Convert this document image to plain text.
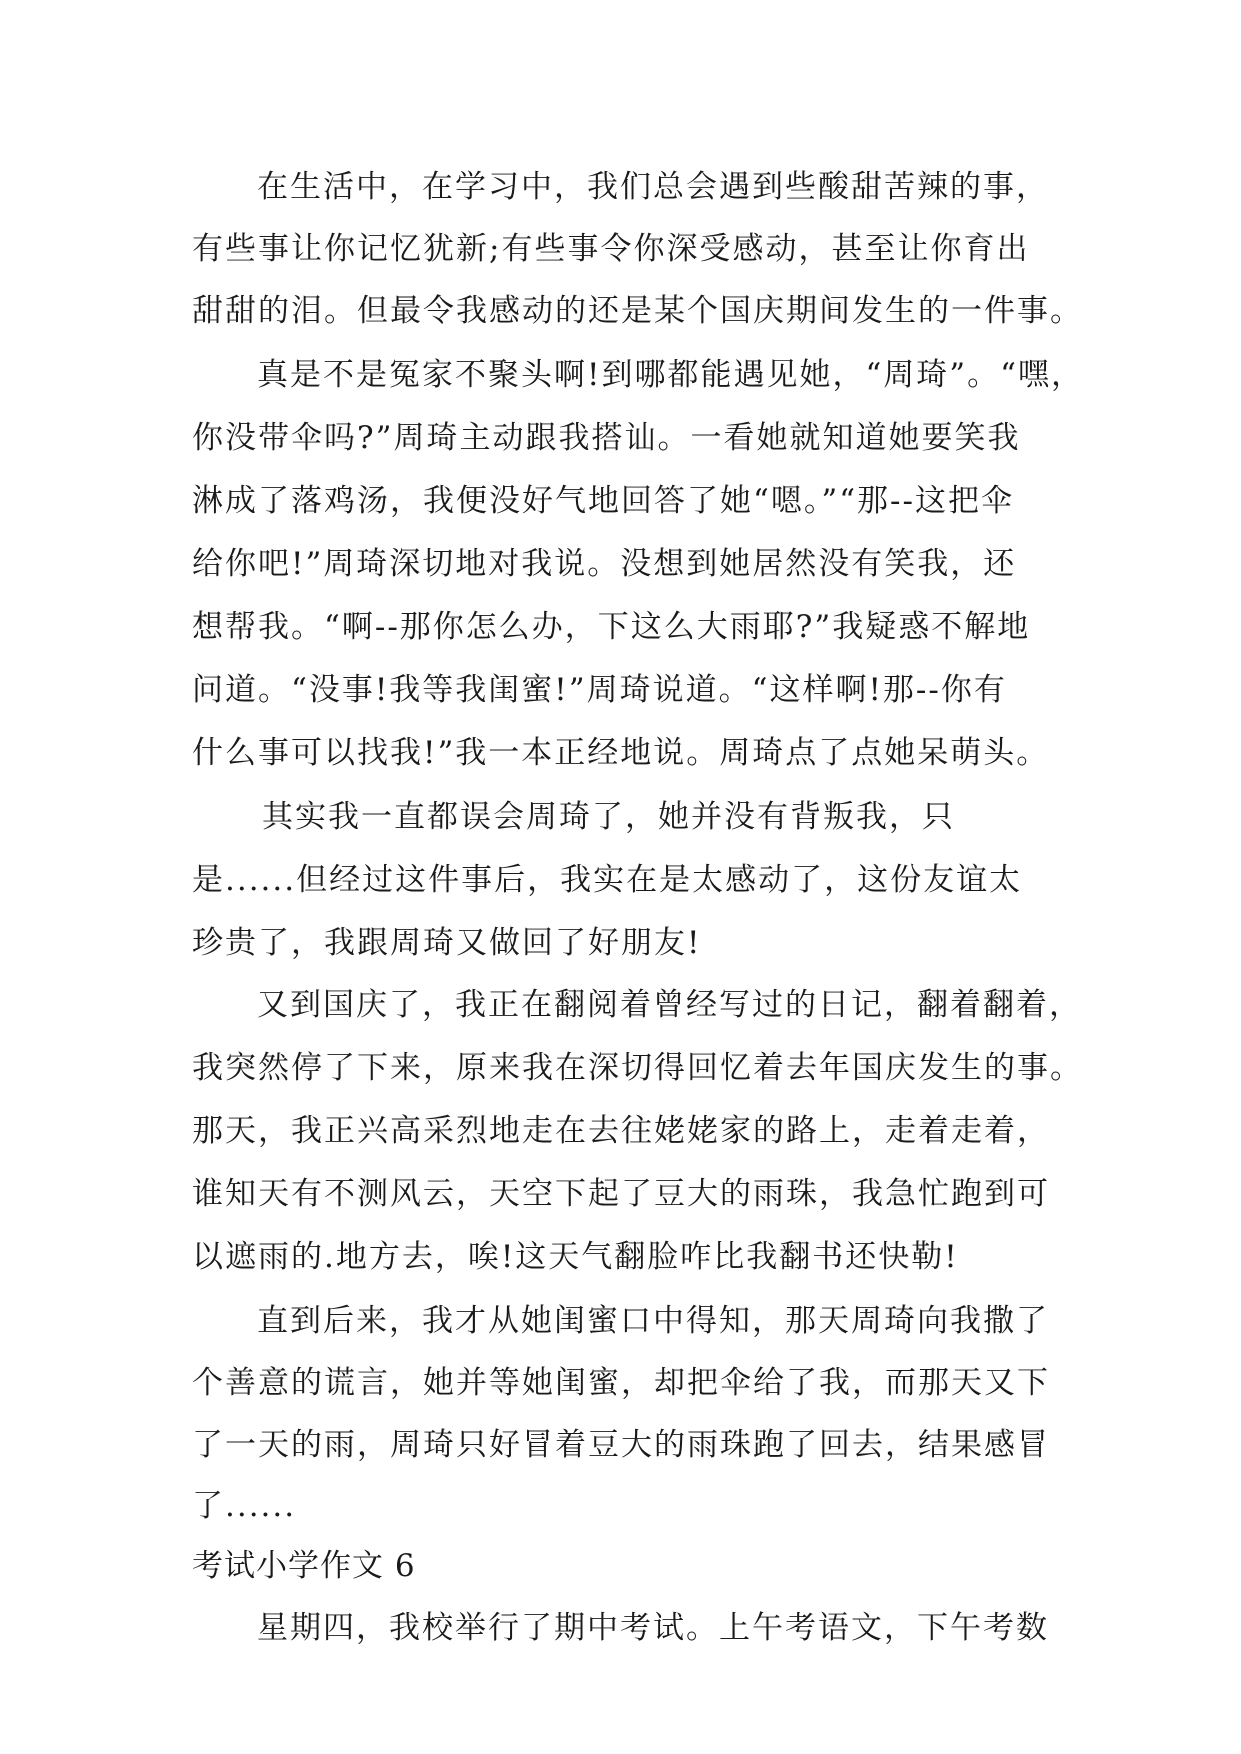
在生活中，在学习中，我们总会遇到些酸甜苦辣的事，
有些事让你记忆犹新;有些事令你深受感动，甚至让你育出
甜甜的泪。但最令我感动的还是某个国庆期间发生的一件事。
真是不是冤家不聚头啊!到哪都能遇见她，“周琦”。“嘿，
你没带伞吗?”周琦主动跟我搭讪。一看她就知道她要笑我
淋成了落鸡汤，我便没好气地回答了她“嗯。”“那--这把伞
给你吧!”周琦深切地对我说。没想到她居然没有笑我，还
想帮我。“啊--那你怎么办，下这么大雨耶?”我疑惑不解地
问道。“没事!我等我闺蜜!”周琦说道。“这样啊!那--你有
什么事可以找我!”我一本正经地说。周琦点了点她呆萌头。
其实我一直都误会周琦了，她并没有背叛我，只
是......但经过这件事后，我实在是太感动了，这份友谊太
珍贵了，我跟周琦又做回了好朋友!
又到国庆了，我正在翻阅着曾经写过的日记，翻着翻着，
我突然停了下来，原来我在深切得回忆着去年国庆发生的事。
那天，我正兴高采烈地走在去往姥姥家的路上，走着走着，
谁知天有不测风云，天空下起了豆大的雨珠，我急忙跑到可
以遮雨的.地方去，唉!这天气翻脸咋比我翻书还快勒!
直到后来，我才从她闺蜜口中得知，那天周琦向我撒了
个善意的谎言，她并等她闺蜜，却把伞给了我，而那天又下
了一天的雨，周琦只好冒着豆大的雨珠跑了回去，结果感冒
了......
考试小学作文 6
星期四，我校举行了期中考试。上午考语文，下午考数
